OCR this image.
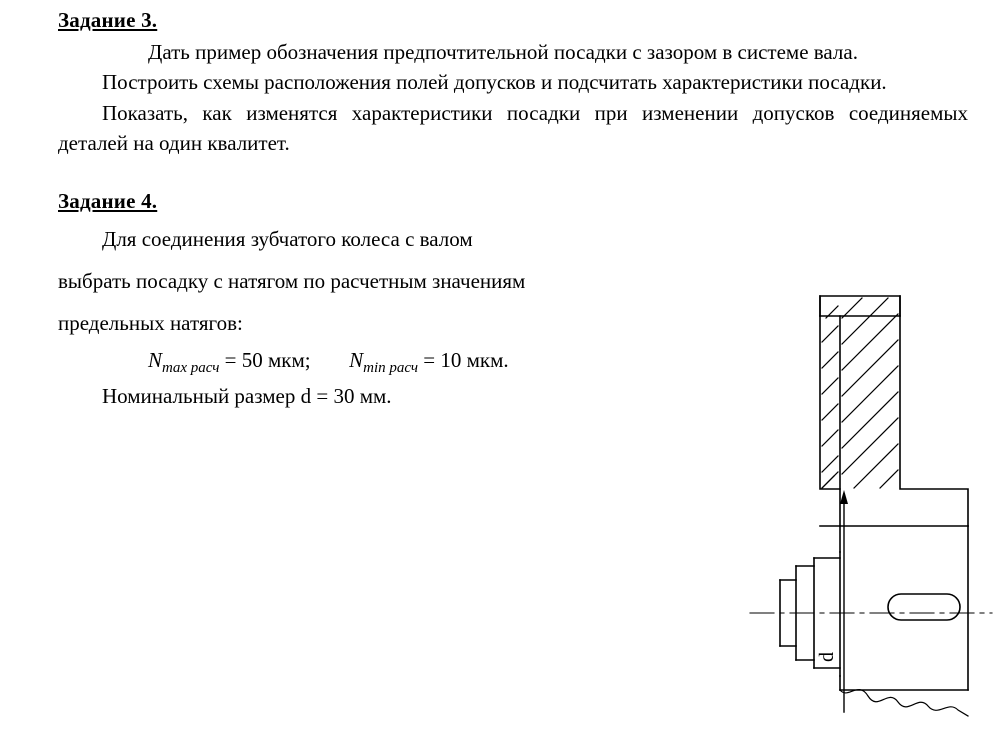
Задание 3.

Дать пример обозначения предпочтительной посадки с зазором в системе вала.

Построить схемы расположения полей допусков и подсчитать характеристики посадки.

Показать, как изменятся характеристики посадки при изменении допусков соединяемых деталей на один квалитет.

Задание 4.

Для соединения зубчатого колеса с валом

выбрать посадку с натягом по расчетным значениям

предельных натягов:

$N_{max расч} = 50$ мкм; $N_{min расч} = 10$ мкм.

Номинальный размер d = 30 мм.

d
